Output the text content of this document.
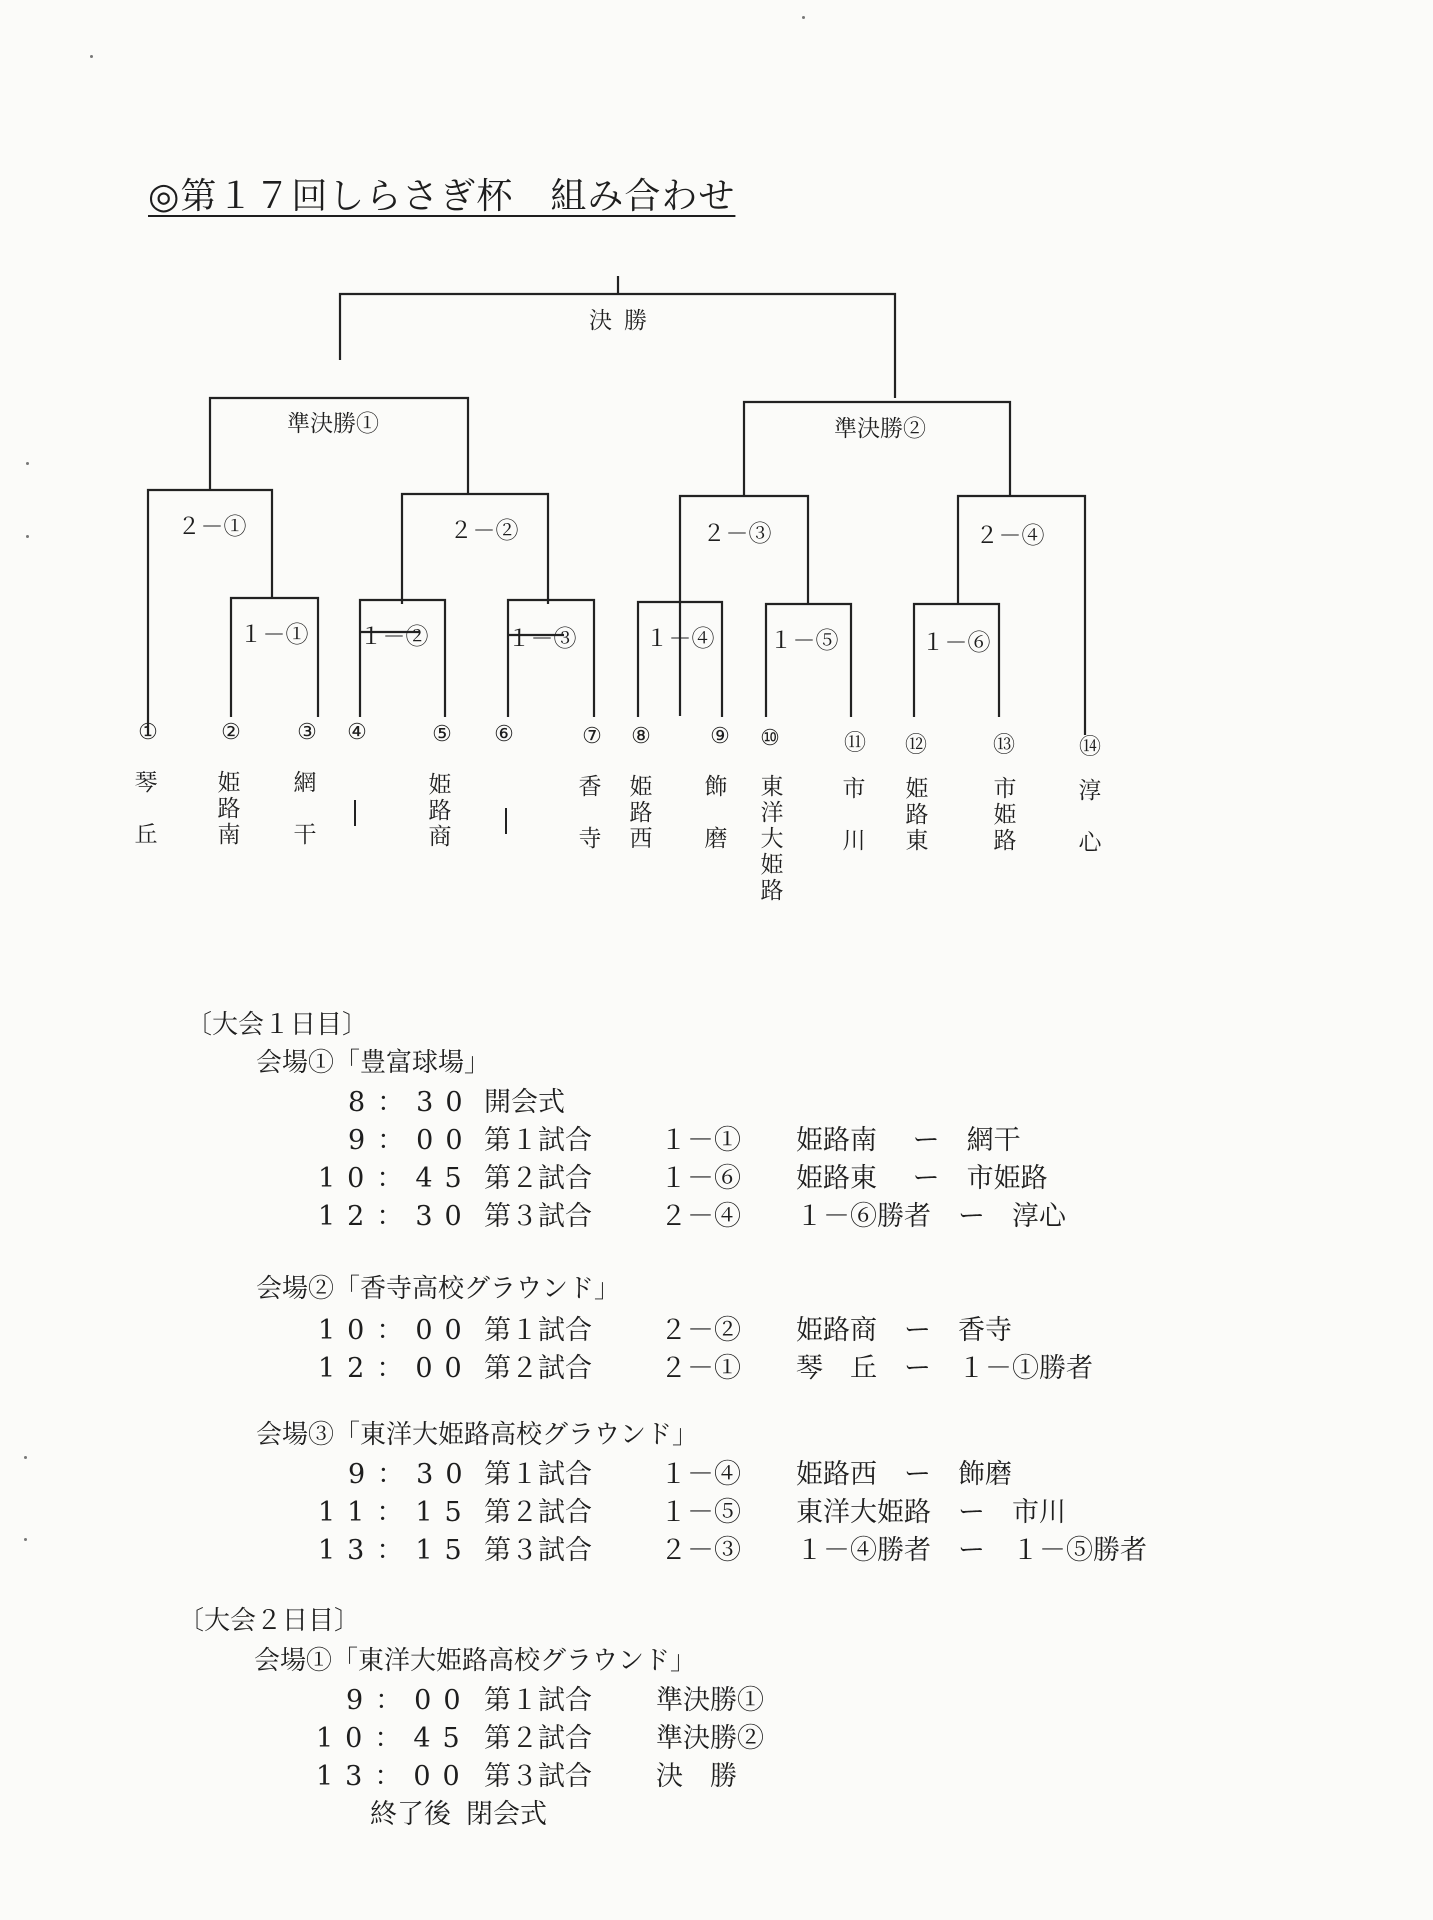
◎第１７回しらさぎ杯　組み合わせ
決勝
準決勝①	準決勝②
２－①	２－②	２－③	２－④
１－① １－②	１－③	１－④ １－⑤	１－⑥
①	②	③ ④	⑤ ⑥	⑦ ⑧	⑨ ⑩	⑪ ⑫	⑬	⑭
琴
丘
姫
路
南
網
干
姫
路
商
香
寺
姫
路
西
飾
磨
東
洋
大
姫
路
市
川
姫
路
東
市
姫
路
淳
心
〔大会１日目〕
会場①「豊富球場」
8：30 開会式
9：00 第１試合	１－① 姫路南　 ー　網干
10：45 第２試合	１－⑥ 姫路東　 ー　市姫路
12：30 第３試合	２－④ １－⑥勝者　ー　淳心
会場②「香寺高校グラウンド」
10：00 第１試合	２－② 姫路商　ー　香寺
12：00 第２試合	２－① 琴　丘　ー　１－①勝者
会場③「東洋大姫路高校グラウンド」
9：30 第１試合	１－④ 姫路西　ー　飾磨
11：15 第２試合	１－⑤ 東洋大姫路　ー　市川
13：15 第３試合	２－③ １－④勝者　ー　１－⑤勝者
〔大会２日目〕
会場①「東洋大姫路高校グラウンド」
9：00 第１試合 準決勝①
10：45 第２試合 準決勝②
13：00 第３試合 決　勝
終了後 閉会式
